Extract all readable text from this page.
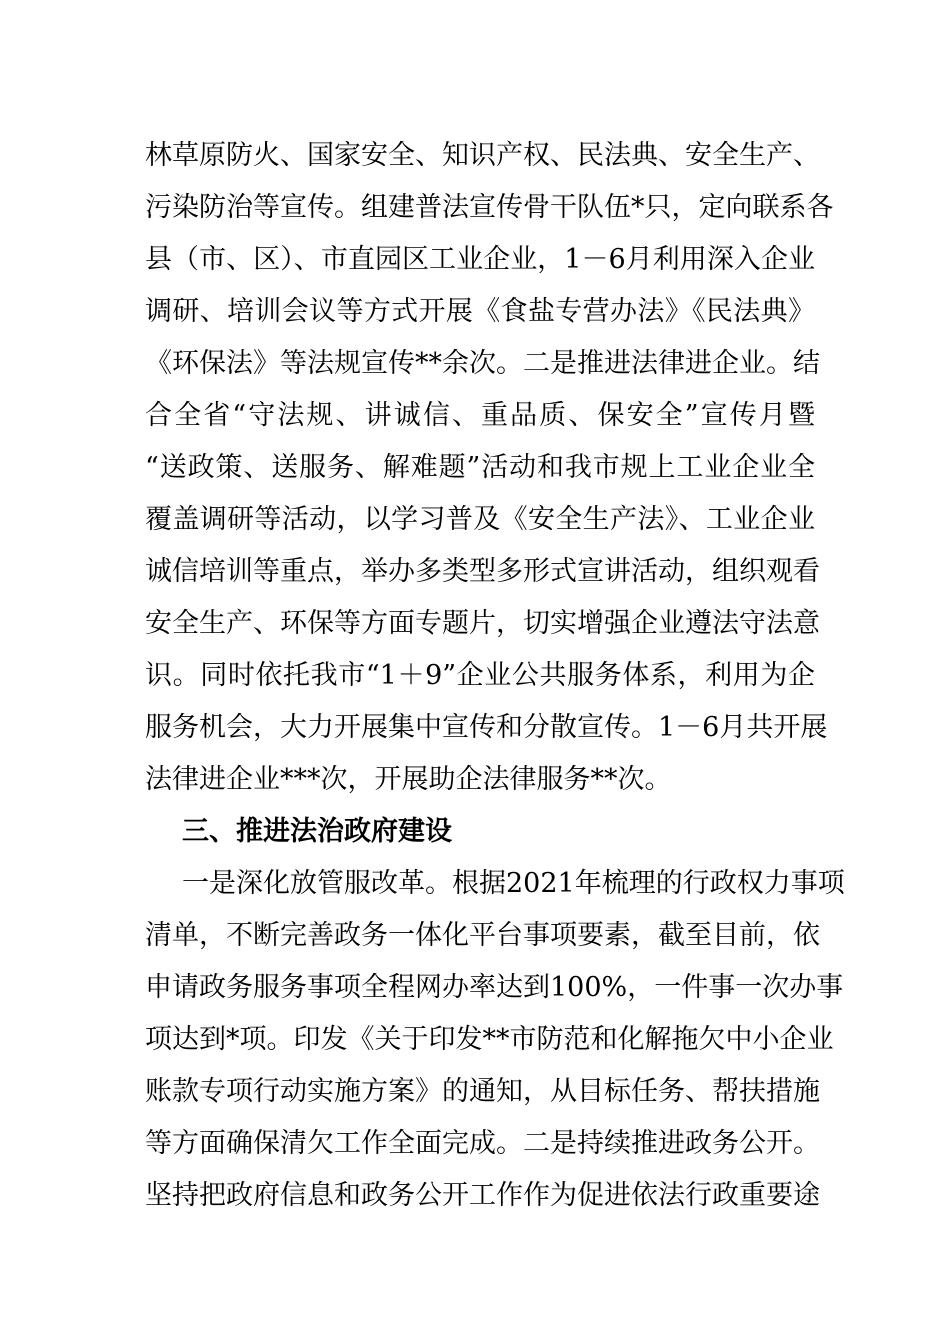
林草原防火、国家安全、知识产权、民法典、安全生产、
污染防治等宣传。组建普法宣传骨干队伍*只，定向联系各
县（市、区）、市直园区工业企业，1－6月利用深入企业
调研、培训会议等方式开展《食盐专营办法》《民法典》
《环保法》等法规宣传**余次。二是推进法律进企业。结
合全省“守法规、讲诚信、重品质、保安全”宣传月暨
“送政策、送服务、解难题”活动和我市规上工业企业全
覆盖调研等活动，以学习普及《安全生产法》、工业企业
诚信培训等重点，举办多类型多形式宣讲活动，组织观看
安全生产、环保等方面专题片，切实增强企业遵法守法意
识。同时依托我市“1＋9”企业公共服务体系，利用为企
服务机会，大力开展集中宣传和分散宣传。1－6月共开展
法律进企业***次，开展助企法律服务**次。
三、推进法治政府建设
一是深化放管服改革。根据2021年梳理的行政权力事项
清单，不断完善政务一体化平台事项要素，截至目前，依
申请政务服务事项全程网办率达到100%，一件事一次办事
项达到*项。印发《关于印发**市防范和化解拖欠中小企业
账款专项行动实施方案》的通知，从目标任务、帮扶措施
等方面确保清欠工作全面完成。二是持续推进政务公开。
坚持把政府信息和政务公开工作作为促进依法行政重要途
